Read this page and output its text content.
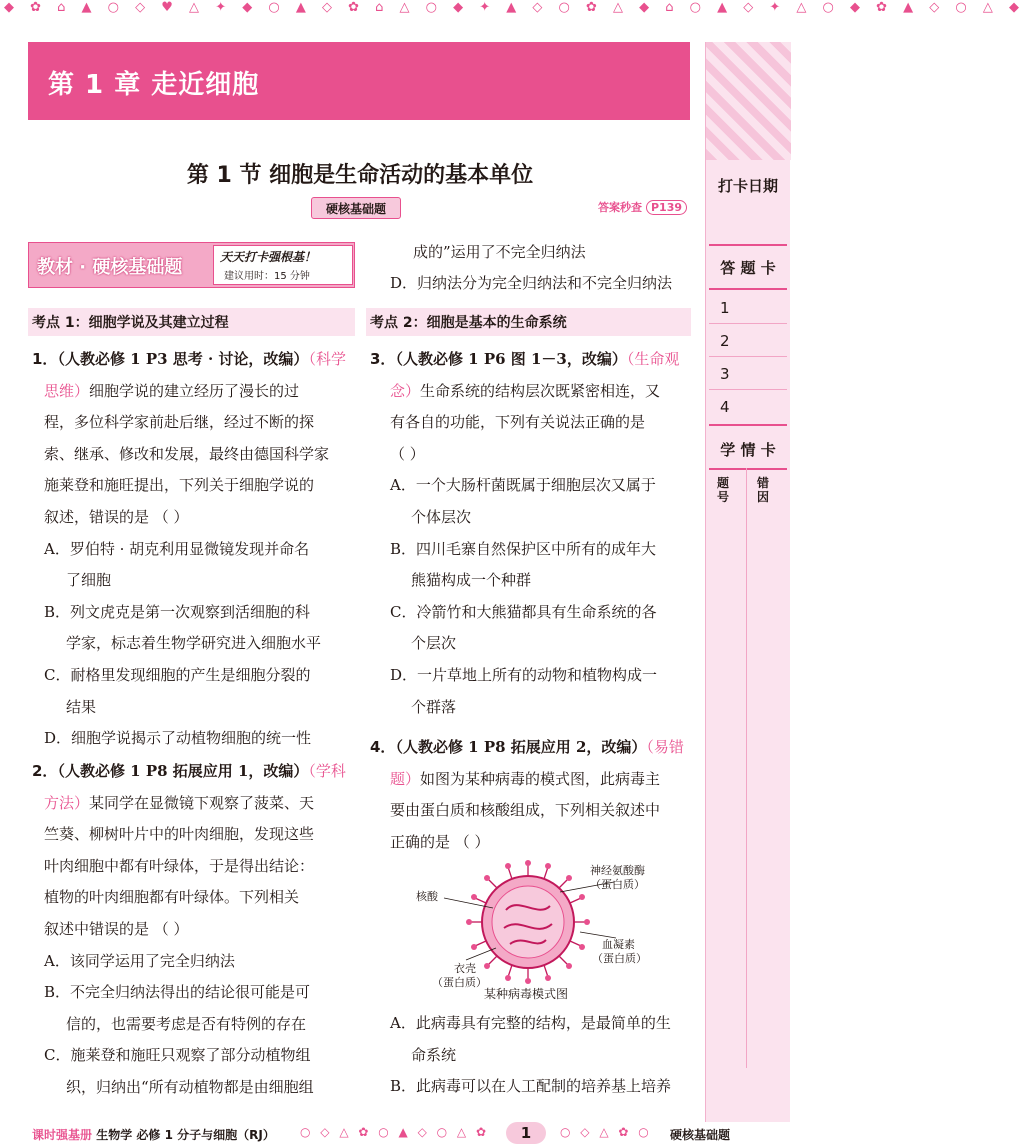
◆ ✿ ⌂ ▲ ○ ◇ ♥ △ ✦ ◆ ○ ▲ ◇ ✿ ⌂ △ ○ ◆ ✦ ▲ ◇ ○ ✿ △ ◆ ⌂ ○ ▲ ◇ ✦ △ ○ ◆ ✿ ▲ ◇ ○ △ ◆
第 1 章 走近细胞
打卡日期
答 题 卡
1
2
3
4
学 情 卡
题号
错因
第 1 节 细胞是生命活动的基本单位
硬核基础题	答案秒查 P139
教材 · 硬核基础题	天天打卡强根基！
建议用时：15 分钟
考点 1：细胞学说及其建立过程
1．（人教必修 1 P3 思考 · 讨论，改编）（科学
思维）细胞学说的建立经历了漫长的过
程，多位科学家前赴后继，经过不断的探
索、继承、修改和发展，最终由德国科学家
施莱登和施旺提出，下列关于细胞学说的
叙述，错误的是 （ ）
A．罗伯特 · 胡克利用显微镜发现并命名
了细胞
B．列文虎克是第一次观察到活细胞的科
学家，标志着生物学研究进入细胞水平
C．耐格里发现细胞的产生是细胞分裂的
结果
D．细胞学说揭示了动植物细胞的统一性
2．（人教必修 1 P8 拓展应用 1，改编）（学科
方法）某同学在显微镜下观察了菠菜、天
竺葵、柳树叶片中的叶肉细胞，发现这些
叶肉细胞中都有叶绿体，于是得出结论：
植物的叶肉细胞都有叶绿体。下列相关
叙述中错误的是 （ ）
A．该同学运用了完全归纳法
B．不完全归纳法得出的结论很可能是可
信的，也需要考虑是否有特例的存在
C．施莱登和施旺只观察了部分动植物组
织，归纳出“所有动植物都是由细胞组
成的”运用了不完全归纳法
D．归纳法分为完全归纳法和不完全归纳法
考点 2：细胞是基本的生命系统
3．（人教必修 1 P6 图 1－3，改编）（生命观
念）生命系统的结构层次既紧密相连，又
有各自的功能，下列有关说法正确的是
（ ）
A．一个大肠杆菌既属于细胞层次又属于
个体层次
B．四川毛寨自然保护区中所有的成年大
熊猫构成一个种群
C．冷箭竹和大熊猫都具有生命系统的各
个层次
D．一片草地上所有的动物和植物构成一
个群落
4．（人教必修 1 P8 拓展应用 2，改编）（易错
题）如图为某种病毒的模式图，此病毒主
要由蛋白质和核酸组成，下列相关叙述中
正确的是 （ ）
A．此病毒具有完整的结构，是最简单的生
命系统
B．此病毒可以在人工配制的培养基上培养
核酸
神经氨酸酶
（蛋白质）
衣壳
（蛋白质）
血凝素
（蛋白质）
某种病毒模式图
课时强基册 生物学 必修 1 分子与细胞（RJ） ○ ◇ △ ✿ ○ ▲ ◇ ○ △ ✿	1	○ ◇ △ ✿ ○ 硬核基础题
